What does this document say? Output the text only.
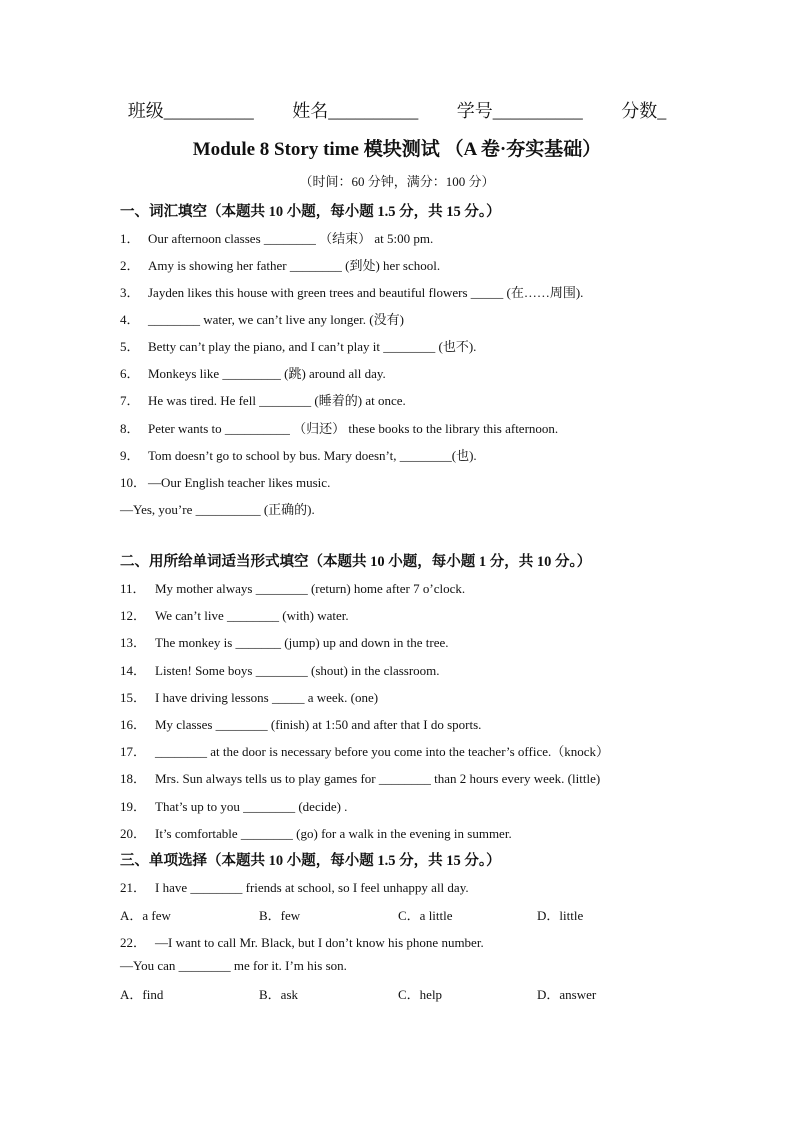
班级__________ 姓名__________ 学号__________ 分数_
Module 8 Story time 模块测试 （A 卷·夯实基础）
（时间：60 分钟，满分：100 分）
一、词汇填空（本题共 10 小题，每小题 1.5 分，共 15 分。）
1． Our afternoon classes ________ （结束） at 5:00 pm.
2． Amy is showing her father ________ (到处) her school.
3． Jayden likes this house with green trees and beautiful flowers _____ (在……周围).
4． ________ water, we can’t live any longer. (没有)
5． Betty can’t play the piano, and I can’t play it ________ (也不).
6． Monkeys like _________ (跳) around all day.
7． He was tired. He fell ________ (睡着的) at once.
8． Peter wants to __________ （归还） these books to the library this afternoon.
9． Tom doesn’t go to school by bus. Mary doesn’t, ________(也).
10． —Our English teacher likes music.
—Yes, you’re __________ (正确的).
二、用所给单词适当形式填空（本题共 10 小题，每小题 1 分，共 10 分。）
11． My mother always ________ (return) home after 7 o’clock.
12． We can’t live ________ (with) water.
13． The monkey is _______ (jump) up and down in the tree.
14． Listen! Some boys ________ (shout) in the classroom.
15． I have driving lessons _____ a week. (one)
16． My classes ________ (finish) at 1:50 and after that I do sports.
17． ________ at the door is necessary before you come into the teacher’s office.（knock）
18． Mrs. Sun always tells us to play games for ________ than 2 hours every week. (little)
19． That’s up to you ________ (decide) .
20． It’s comfortable ________ (go) for a walk in the evening in summer.
三、单项选择（本题共 10 小题，每小题 1.5 分，共 15 分。）
21． I have ________ friends at school, so I feel unhappy all day.
A．a few	B．few	C．a little	D．little
22． —I want to call Mr. Black, but I don’t know his phone number.
—You can ________ me for it. I’m his son.
A．find	B．ask	C．help	D．answer
